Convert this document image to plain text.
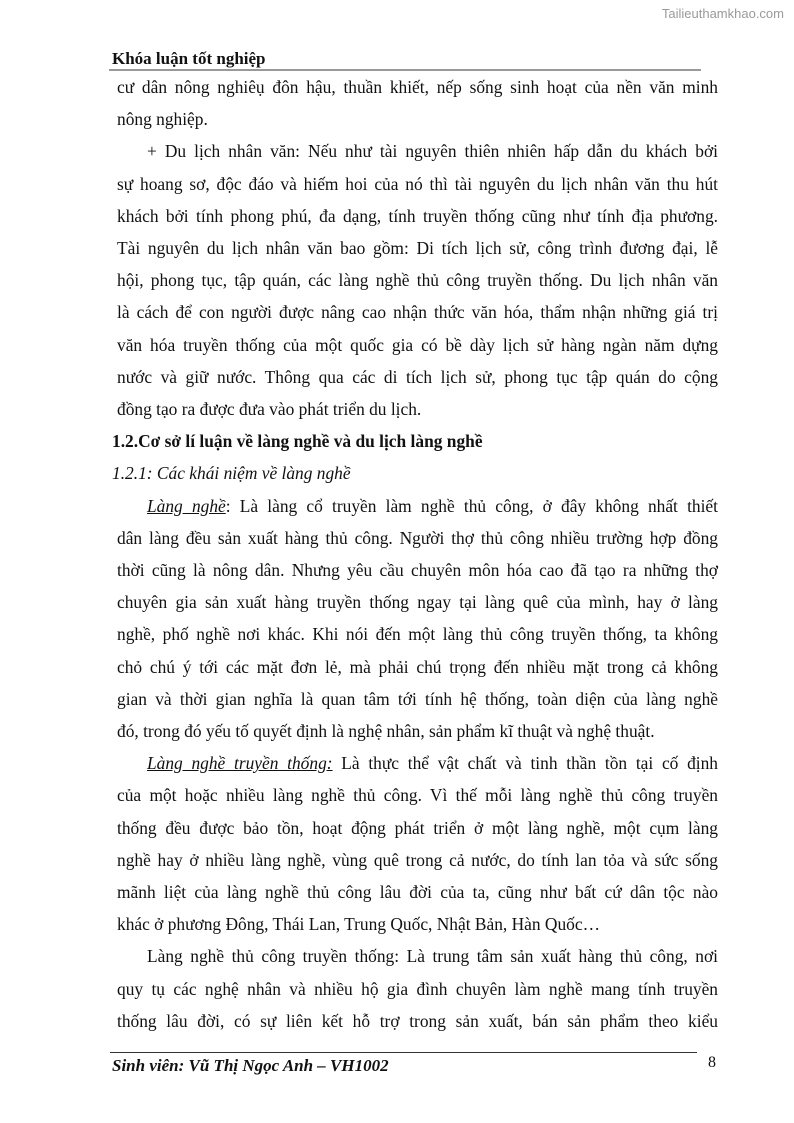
Tailieuthamkhao.com
Khóa luận tốt nghiệp
cư dân nông nghiêụ đôn hậu, thuần khiết, nếp sống sinh hoạt của nền văn minh
nông nghiệp.
+ Du lịch nhân văn: Nếu như tài nguyên thiên nhiên hấp dẫn du khách bởi
sự hoang sơ, độc đáo và hiếm hoi của nó thì tài nguyên du lịch nhân văn thu hút
khách bởi tính phong phú, đa dạng, tính truyền thống cũng như tính địa phương.
Tài nguyên du lịch nhân văn bao gồm: Di tích lịch sử, công trình đương đại, lễ
hội, phong tục, tập quán, các làng nghề thủ công truyền thống. Du lịch nhân văn
là cách để con người được nâng cao nhận thức văn hóa, thẩm nhận những giá trị
văn hóa truyền thống của một quốc gia có bề dày lịch sử hàng ngàn năm dựng
nước và giữ nước. Thông qua các di tích lịch sử, phong tục tập quán do cộng
đồng tạo ra được đưa vào phát triển du lịch.
1.2.Cơ sở lí luận về làng nghề và du lịch làng nghề
1.2.1: Các khái niệm về làng nghề
Làng nghề: Là làng cổ truyền làm nghề thủ công, ở đây không nhất thiết
dân làng đều sản xuất hàng thủ công. Người thợ thủ công nhiều trường hợp đồng
thời cũng là nông dân. Nhưng yêu cầu chuyên môn hóa cao đã tạo ra những thợ
chuyên gia sản xuất hàng truyền thống ngay tại làng quê của mình, hay ở làng
nghề, phố nghề nơi khác. Khi nói đến một làng thủ công truyền thống, ta không
chỏ chú ý tới các mặt đơn lẻ, mà phải chú trọng đến nhiều mặt trong cả không
gian và thời gian nghĩa là quan tâm tới tính hệ thống, toàn diện của làng nghề
đó, trong đó yếu tố quyết định là nghệ nhân, sản phẩm kĩ thuật và nghệ thuật.
Làng nghề truyền thống: Là thực thể vật chất và tinh thần tồn tại cố định
của một hoặc nhiều làng nghề thủ công. Vì thế mỗi làng nghề thủ công truyền
thống đều được bảo tồn, hoạt động phát triển ở một làng nghề, một cụm làng
nghề hay ở nhiều làng nghề, vùng quê trong cả nước, do tính lan tỏa và sức sống
mãnh liệt của làng nghề thủ công lâu đời của ta, cũng như bất cứ dân tộc nào
khác ở phương Đông, Thái Lan, Trung Quốc, Nhật Bản, Hàn Quốc…
Làng nghề thủ công truyền thống: Là trung tâm sản xuất hàng thủ công, nơi
quy tụ các nghệ nhân và nhiều hộ gia đình chuyên làm nghề mang tính truyền
thống lâu đời, có sự liên kết hỗ trợ trong sản xuất, bán sản phẩm theo kiểu
Sinh viên: Vũ Thị Ngọc Anh – VH1002	8
